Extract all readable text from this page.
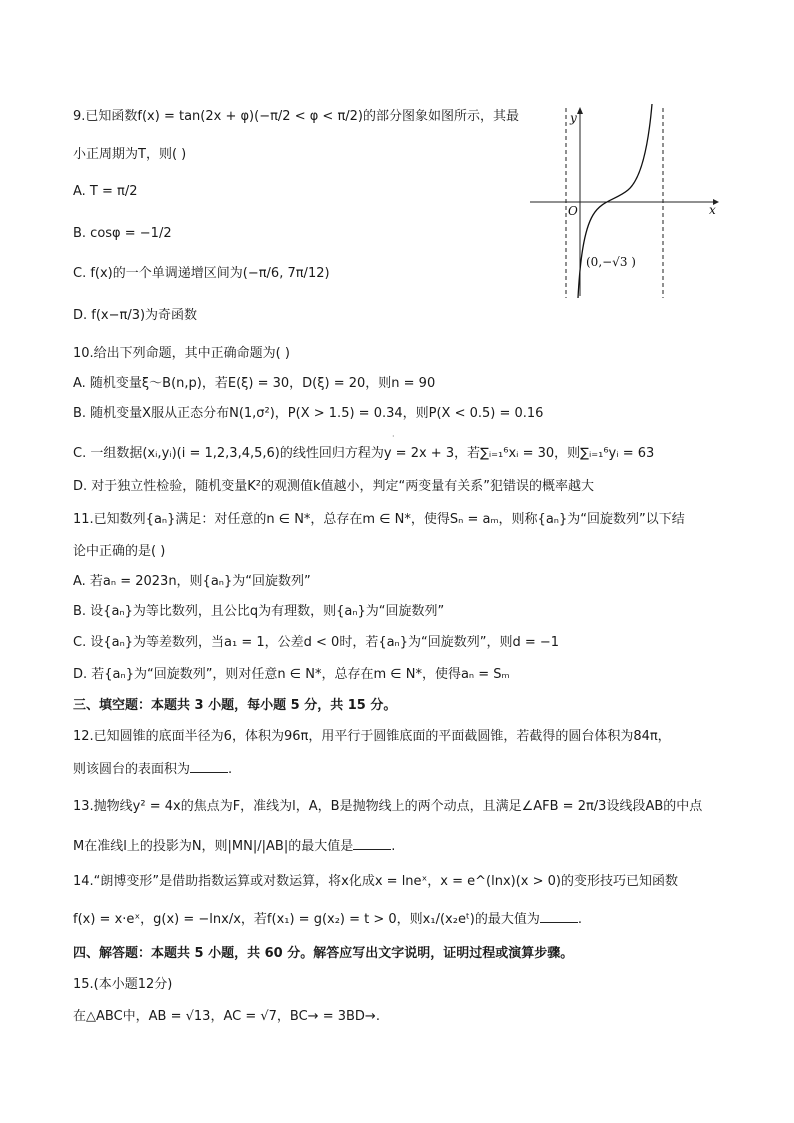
9.已知函数f(x) = tan(2x + φ)(−π/2 < φ < π/2)的部分图象如图所示，其最
小正周期为T，则( )
A. T = π/2
B. cosφ = −1/2
C. f(x)的一个单调递增区间为(−π/6, 7π/12)
D. f(x−π/3)为奇函数
y
x
O
(0,−√3 )
10.给出下列命题，其中正确命题为( )
A. 随机变量ξ～B(n,p)，若E(ξ) = 30，D(ξ) = 20，则n = 90
B. 随机变量X服从正态分布N(1,σ²)，P(X > 1.5) = 0.34，则P(X < 0.5) = 0.16
·
C. 一组数据(xᵢ,yᵢ)(i = 1,2,3,4,5,6)的线性回归方程为y = 2x + 3，若∑ᵢ₌₁⁶xᵢ = 30，则∑ᵢ₌₁⁶yᵢ = 63
D. 对于独立性检验，随机变量K²的观测值k值越小，判定“两变量有关系”犯错误的概率越大
11.已知数列{aₙ}满足：对任意的n ∈ N*，总存在m ∈ N*，使得Sₙ = aₘ，则称{aₙ}为“回旋数列”以下结
论中正确的是( )
A. 若aₙ = 2023n，则{aₙ}为“回旋数列”
B. 设{aₙ}为等比数列，且公比q为有理数，则{aₙ}为“回旋数列”
C. 设{aₙ}为等差数列，当a₁ = 1，公差d < 0时，若{aₙ}为“回旋数列”，则d = −1
D. 若{aₙ}为“回旋数列”，则对任意n ∈ N*，总存在m ∈ N*，使得aₙ = Sₘ
三、填空题：本题共 3 小题，每小题 5 分，共 15 分。
12.已知圆锥的底面半径为6，体积为96π，用平行于圆锥底面的平面截圆锥，若截得的圆台体积为84π，
则该圆台的表面积为	.
13.抛物线y² = 4x的焦点为F，准线为l，A，B是抛物线上的两个动点，且满足∠AFB = 2π/3设线段AB的中点
M在准线l上的投影为N，则|MN|/|AB|的最大值是	.
14.“朗博变形”是借助指数运算或对数运算，将x化成x = lneˣ，x = e^(lnx)(x > 0)的变形技巧已知函数
f(x) = x·eˣ，g(x) = −lnx/x，若f(x₁) = g(x₂) = t > 0，则x₁/(x₂eᵗ)的最大值为	.
四、解答题：本题共 5 小题，共 60 分。解答应写出文字说明，证明过程或演算步骤。
15.(本小题12分)
在△ABC中，AB = √13，AC = √7，BC→ = 3BD→.
